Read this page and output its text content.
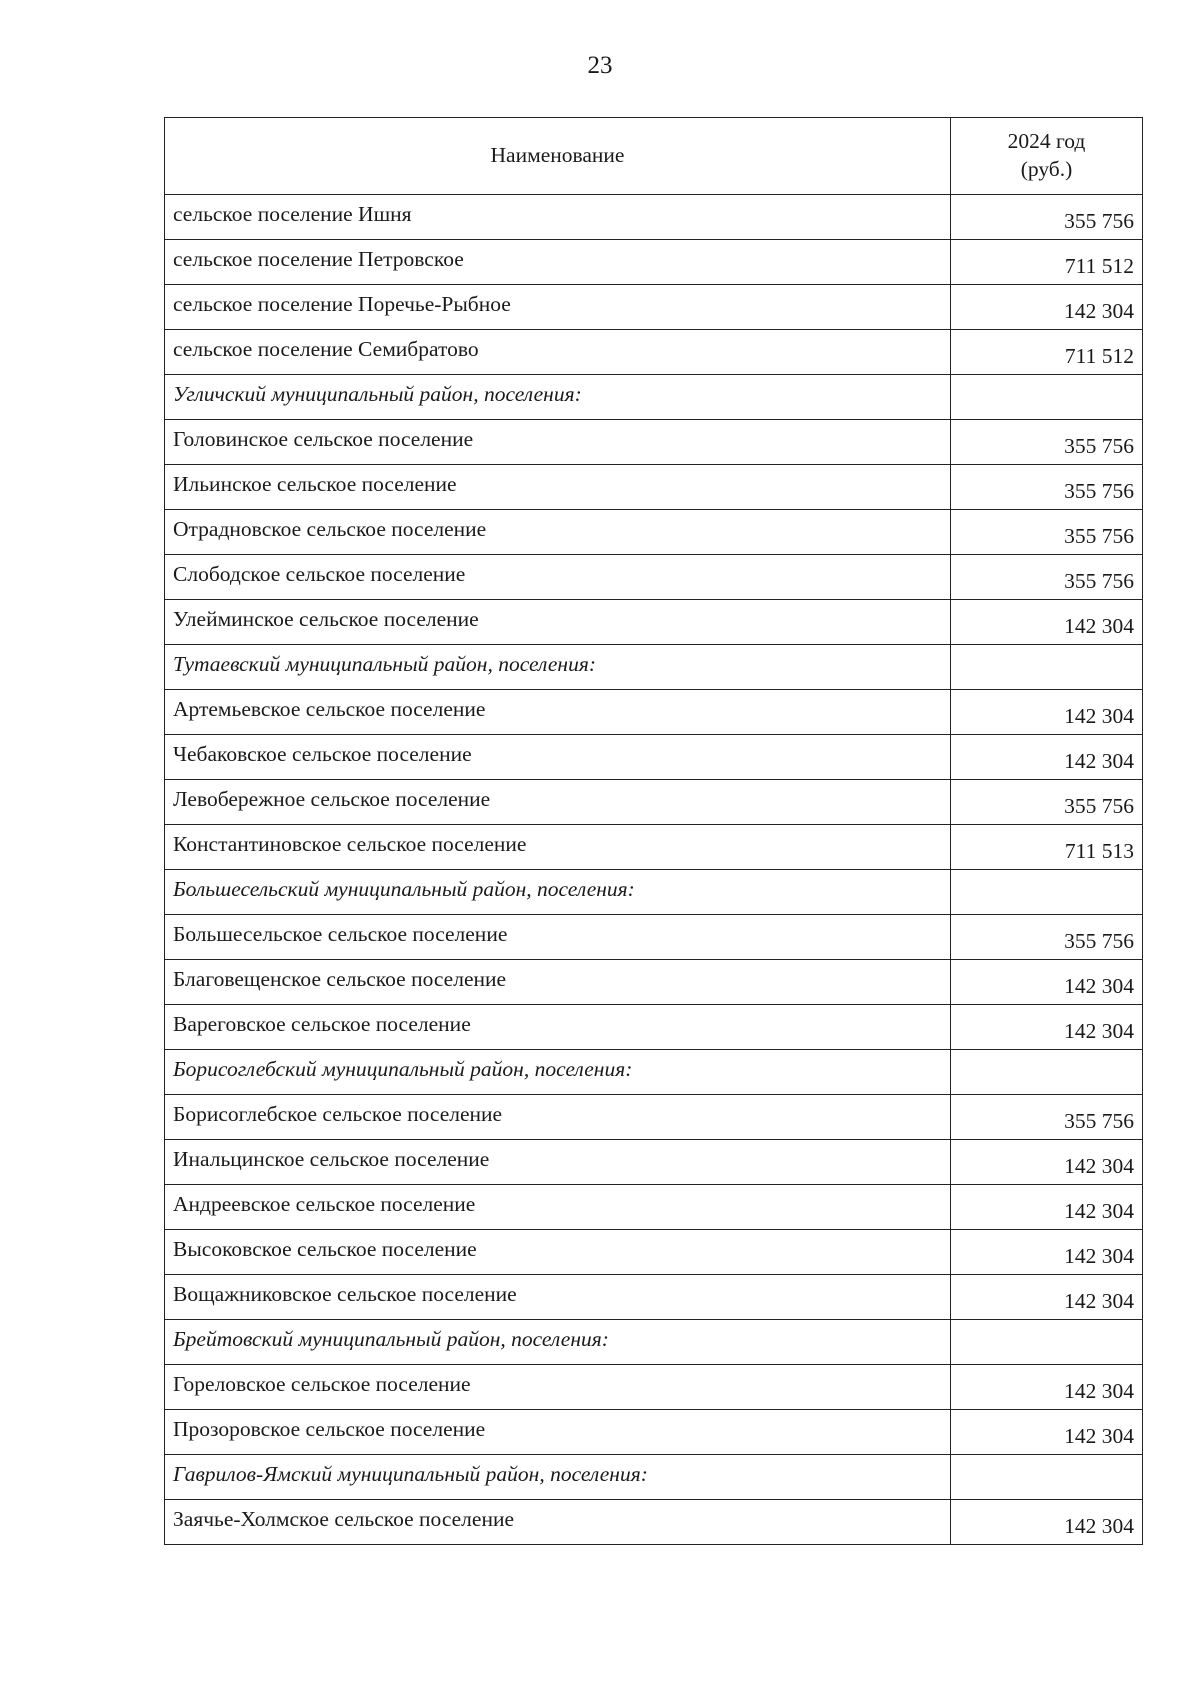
23
Наименование	2024 год
(руб.)

сельское поселение Ишня	355 756
сельское поселение Петровское	711 512
сельское поселение Поречье-Рыбное	142 304
сельское поселение Семибратово	711 512
Угличский муниципальный район, поселения:	
Головинское сельское поселение	355 756
Ильинское сельское поселение	355 756
Отрадновское сельское поселение	355 756
Слободское сельское поселение	355 756
Улейминское сельское поселение	142 304
Тутаевский муниципальный район, поселения:	
Артемьевское сельское поселение	142 304
Чебаковское сельское поселение	142 304
Левобережное сельское поселение	355 756
Константиновское сельское поселение	711 513
Большесельский муниципальный район, поселения:	
Большесельское сельское поселение	355 756
Благовещенское сельское поселение	142 304
Вареговское сельское поселение	142 304
Борисоглебский муниципальный район, поселения:	
Борисоглебское сельское поселение	355 756
Инальцинское сельское поселение	142 304
Андреевское сельское поселение	142 304
Высоковское сельское поселение	142 304
Вощажниковское сельское поселение	142 304
Брейтовский муниципальный район, поселения:	
Гореловское сельское поселение	142 304
Прозоровское сельское поселение	142 304
Гаврилов-Ямский муниципальный район, поселения:	
Заячье-Холмское сельское поселение	142 304
